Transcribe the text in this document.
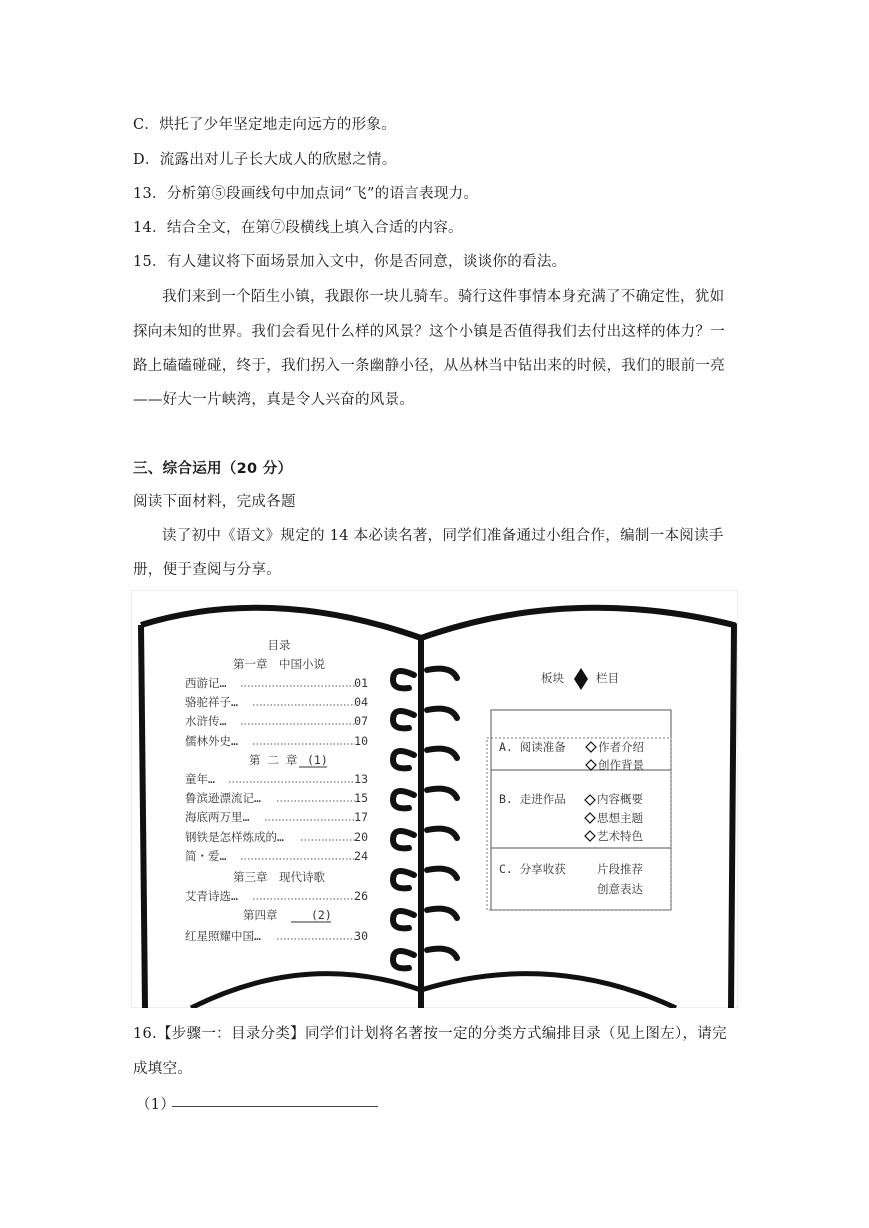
C．烘托了少年坚定地走向远方的形象。
D．流露出对儿子长大成人的欣慰之情。
13．分析第⑤段画线句中加点词“飞”的语言表现力。
14．结合全文，在第⑦段横线上填入合适的内容。
15．有人建议将下面场景加入文中，你是否同意，谈谈你的看法。
我们来到一个陌生小镇，我跟你一块儿骑车。骑行这件事情本身充满了不确定性，犹如
探向未知的世界。我们会看见什么样的风景？这个小镇是否值得我们去付出这样的体力？一
路上磕磕碰碰，终于，我们拐入一条幽静小径，从丛林当中钻出来的时候，我们的眼前一亮
——好大一片峡湾，真是令人兴奋的风景。
三、综合运用（20 分）
阅读下面材料，完成各题
读了初中《语文》规定的 14 本必读名著，同学们准备通过小组合作，编制一本阅读手
册，便于查阅与分享。
目录
第一章　中国小说
西游记…	01
骆驼祥子…	04
水浒传…	07
儒林外史…	10
第 二 章 (1)
童年…	13
鲁滨逊漂流记…	15
海底两万里…	17
钢铁是怎样炼成的…	20
简・爱…	24
第三章　现代诗歌
艾青诗选…	26
第四章	(2)
红星照耀中国…	30
板块	栏目
A. 阅读准备	作者介绍
创作背景
B. 走进作品	内容概要
思想主题
艺术特色
C. 分享收获	片段推荐
创意表达
16.【步骤一：目录分类】同学们计划将名著按一定的分类方式编排目录（见上图左），请完
成填空。
（1）
